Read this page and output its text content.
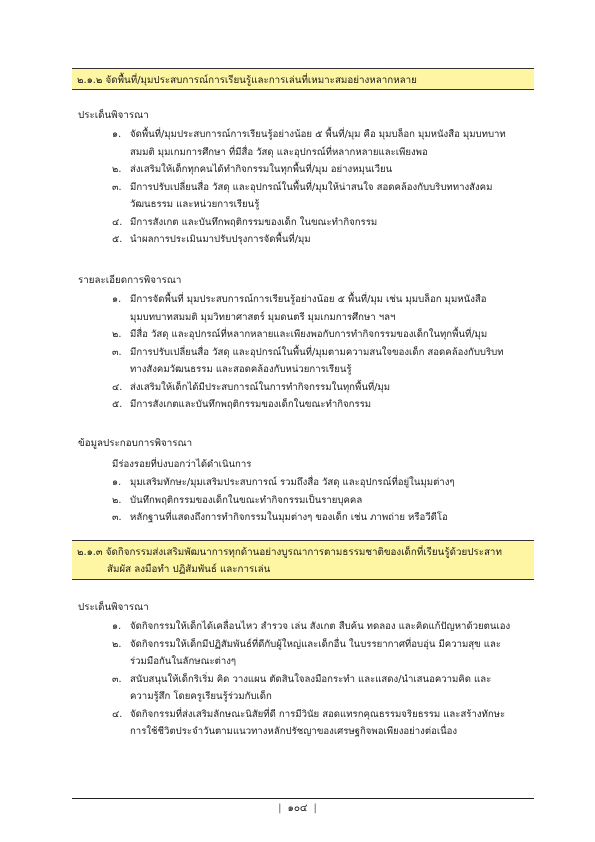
๒.๑.๒ จัดพื้นที่/มุมประสบการณ์การเรียนรู้และการเล่นที่เหมาะสมอย่างหลากหลาย
ประเด็นพิจารณา
๑. จัดพื้นที่/มุมประสบการณ์การเรียนรู้อย่างน้อย ๕ พื้นที่/มุม คือ มุมบล็อก มุมหนังสือ มุมบทบาท
สมมติ มุมเกมการศึกษา ที่มีสื่อ วัสดุ และอุปกรณ์ที่หลากหลายและเพียงพอ
๒. ส่งเสริมให้เด็กทุกคนได้ทำกิจกรรมในทุกพื้นที่/มุม อย่างหมุนเวียน
๓. มีการปรับเปลี่ยนสื่อ วัสดุ และอุปกรณ์ในพื้นที่/มุมให้น่าสนใจ สอดคล้องกับบริบททางสังคม
วัฒนธรรม และหน่วยการเรียนรู้
๔. มีการสังเกต และบันทึกพฤติกรรมของเด็ก ในขณะทำกิจกรรม
๕. นำผลการประเมินมาปรับปรุงการจัดพื้นที่/มุม
รายละเอียดการพิจารณา
๑. มีการจัดพื้นที่ มุมประสบการณ์การเรียนรู้อย่างน้อย ๕ พื้นที่/มุม เช่น มุมบล็อก มุมหนังสือ
มุมบทบาทสมมติ มุมวิทยาศาสตร์ มุมดนตรี มุมเกมการศึกษา ฯลฯ
๒. มีสื่อ วัสดุ และอุปกรณ์ที่หลากหลายและเพียงพอกับการทำกิจกรรมของเด็กในทุกพื้นที่/มุม
๓. มีการปรับเปลี่ยนสื่อ วัสดุ และอุปกรณ์ในพื้นที่/มุมตามความสนใจของเด็ก สอดคล้องกับบริบท
ทางสังคมวัฒนธรรม และสอดคล้องกับหน่วยการเรียนรู้
๔. ส่งเสริมให้เด็กได้มีประสบการณ์ในการทำกิจกรรมในทุกพื้นที่/มุม
๕. มีการสังเกตและบันทึกพฤติกรรมของเด็กในขณะทำกิจกรรม
ข้อมูลประกอบการพิจารณา
มีร่องรอยที่บ่งบอกว่าได้ดำเนินการ
๑. มุมเสริมทักษะ/มุมเสริมประสบการณ์ รวมถึงสื่อ วัสดุ และอุปกรณ์ที่อยู่ในมุมต่างๆ
๒. บันทึกพฤติกรรมของเด็กในขณะทำกิจกรรมเป็นรายบุคคล
๓. หลักฐานที่แสดงถึงการทำกิจกรรมในมุมต่างๆ ของเด็ก เช่น ภาพถ่าย หรือวีดีโอ
๒.๑.๓ จัดกิจกรรมส่งเสริมพัฒนาการทุกด้านอย่างบูรณาการตามธรรมชาติของเด็กที่เรียนรู้ด้วยประสาท
สัมผัส ลงมือทำ ปฏิสัมพันธ์ และการเล่น
ประเด็นพิจารณา
๑. จัดกิจกรรมให้เด็กได้เคลื่อนไหว สำรวจ เล่น สังเกต สืบค้น ทดลอง และคิดแก้ปัญหาด้วยตนเอง
๒. จัดกิจกรรมให้เด็กมีปฏิสัมพันธ์ที่ดีกับผู้ใหญ่และเด็กอื่น ในบรรยากาศที่อบอุ่น มีความสุข และ
ร่วมมือกันในลักษณะต่างๆ
๓. สนับสนุนให้เด็กริเริ่ม คิด วางแผน ตัดสินใจลงมือกระทำ และแสดง/นำเสนอความคิด และ
ความรู้สึก โดยครูเรียนรู้ร่วมกับเด็ก
๔. จัดกิจกรรมที่ส่งเสริมลักษณะนิสัยที่ดี การมีวินัย สอดแทรกคุณธรรมจริยธรรม และสร้างทักษะ
การใช้ชีวิตประจำวันตามแนวทางหลักปรัชญาของเศรษฐกิจพอเพียงอย่างต่อเนื่อง
| ๑๐๔ |
